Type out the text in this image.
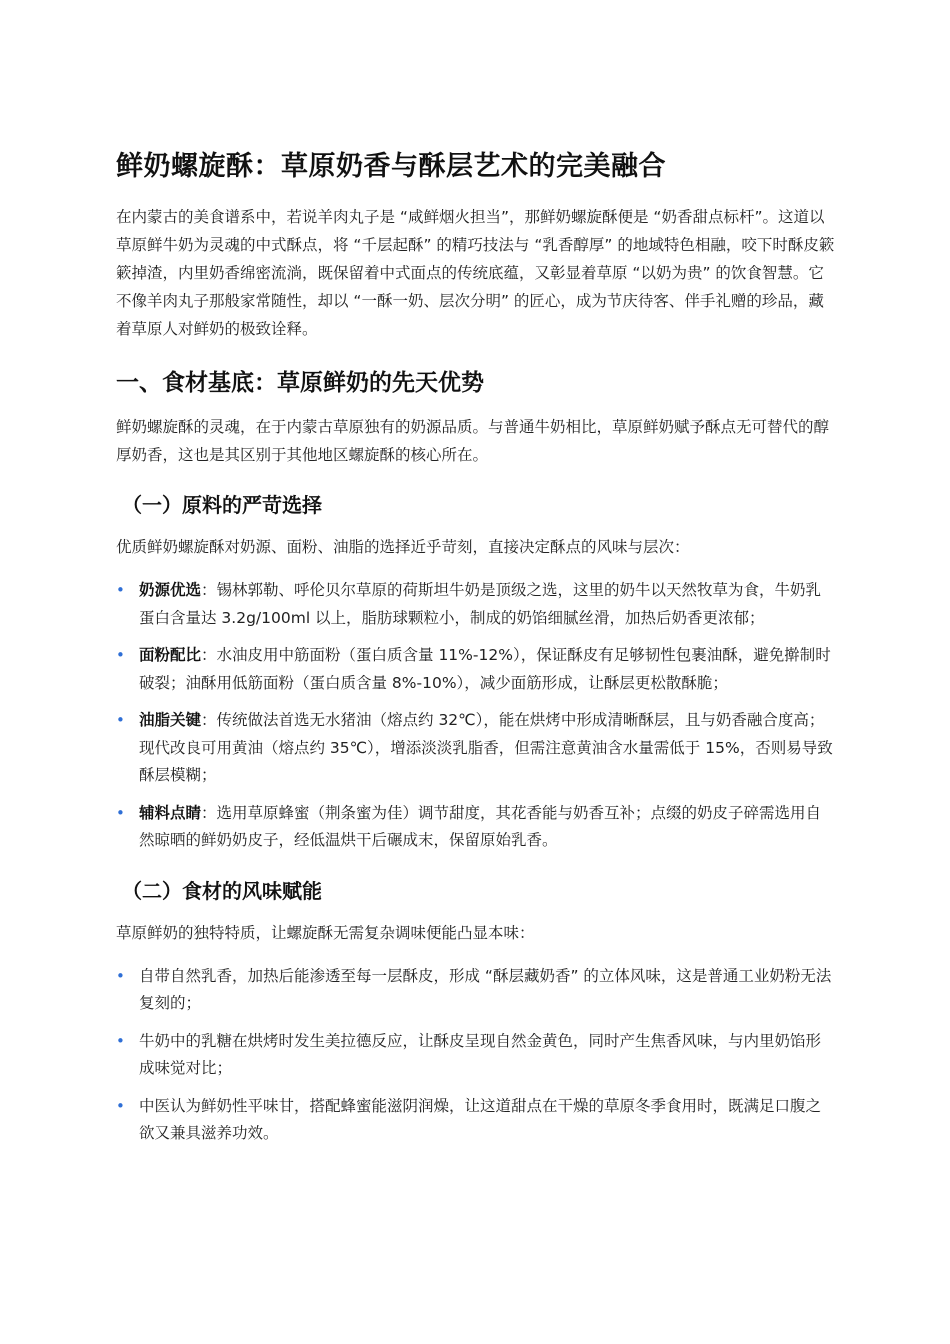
鲜奶螺旋酥：草原奶香与酥层艺术的完美融合

在内蒙古的美食谱系中，若说羊肉丸子是 “咸鲜烟火担当”，那鲜奶螺旋酥便是 “奶香甜点标杆”。这道以草原鲜牛奶为灵魂的中式酥点，将 “千层起酥” 的精巧技法与 “乳香醇厚” 的地域特色相融，咬下时酥皮簌簌掉渣，内里奶香绵密流淌，既保留着中式面点的传统底蕴，又彰显着草原 “以奶为贵” 的饮食智慧。它不像羊肉丸子那般家常随性，却以 “一酥一奶、层次分明” 的匠心，成为节庆待客、伴手礼赠的珍品，藏着草原人对鲜奶的极致诠释。

一、食材基底：草原鲜奶的先天优势

鲜奶螺旋酥的灵魂，在于内蒙古草原独有的奶源品质。与普通牛奶相比，草原鲜奶赋予酥点无可替代的醇厚奶香，这也是其区别于其他地区螺旋酥的核心所在。

（一）原料的严苛选择

优质鲜奶螺旋酥对奶源、面粉、油脂的选择近乎苛刻，直接决定酥点的风味与层次：

• 奶源优选：锡林郭勒、呼伦贝尔草原的荷斯坦牛奶是顶级之选，这里的奶牛以天然牧草为食，牛奶乳蛋白含量达 3.2g/100ml 以上，脂肪球颗粒小，制成的奶馅细腻丝滑，加热后奶香更浓郁；
• 面粉配比：水油皮用中筋面粉（蛋白质含量 11%-12%），保证酥皮有足够韧性包裹油酥，避免擀制时破裂；油酥用低筋面粉（蛋白质含量 8%-10%），减少面筋形成，让酥层更松散酥脆；
• 油脂关键：传统做法首选无水猪油（熔点约 32℃），能在烘烤中形成清晰酥层，且与奶香融合度高；现代改良可用黄油（熔点约 35℃），增添淡淡乳脂香，但需注意黄油含水量需低于 15%，否则易导致酥层模糊；
• 辅料点睛：选用草原蜂蜜（荆条蜜为佳）调节甜度，其花香能与奶香互补；点缀的奶皮子碎需选用自然晾晒的鲜奶奶皮子，经低温烘干后碾成末，保留原始乳香。
（二）食材的风味赋能

草原鲜奶的独特特质，让螺旋酥无需复杂调味便能凸显本味：

• 自带自然乳香，加热后能渗透至每一层酥皮，形成 “酥层藏奶香” 的立体风味，这是普通工业奶粉无法复刻的；
• 牛奶中的乳糖在烘烤时发生美拉德反应，让酥皮呈现自然金黄色，同时产生焦香风味，与内里奶馅形成味觉对比；
• 中医认为鲜奶性平味甘，搭配蜂蜜能滋阴润燥，让这道甜点在干燥的草原冬季食用时，既满足口腹之欲又兼具滋养功效。
